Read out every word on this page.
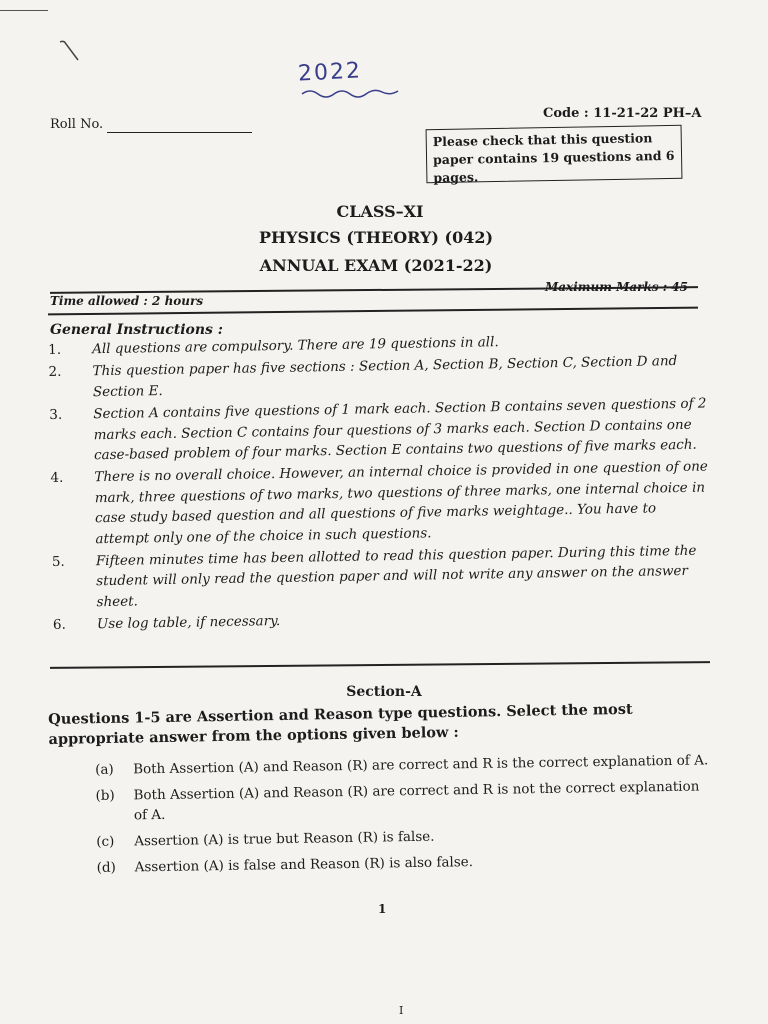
2022
Roll No.
Code : 11-21-22 PH–A
Please check that this question paper contains 19 questions and 6 pages.
CLASS–XI
PHYSICS (THEORY) (042)
ANNUAL EXAM (2021-22)
Maximum Marks : 45
Time allowed : 2 hours
General Instructions :
1.	All questions are compulsory. There are 19 questions in all.
2.	This question paper has five sections : Section A, Section B, Section C, Section D and Section E.
3.	Section A contains five questions of 1 mark each. Section B contains seven questions of 2 marks each. Section C contains four questions of 3 marks each. Section D contains one case-based problem of four marks. Section E contains two questions of five marks each.
4.	There is no overall choice. However, an internal choice is provided in one question of one mark, three questions of two marks, two questions of three marks, one internal choice in case study based question and all questions of five marks weightage.. You have to attempt only one of the choice in such questions.
5.	Fifteen minutes time has been allotted to read this question paper. During this time the student will only read the question paper and will not write any answer on the answer sheet.
6.	Use log table, if necessary.
Section-A
Questions 1-5 are Assertion and Reason type questions. Select the most appropriate answer from the options given below :
(a)	Both Assertion (A) and Reason (R) are correct and R is the correct explanation of A.
(b)	Both Assertion (A) and Reason (R) are correct and R is not the correct explanation of A.
(c)	Assertion (A) is true but Reason (R) is false.
(d)	Assertion (A) is false and Reason (R) is also false.
1
I
